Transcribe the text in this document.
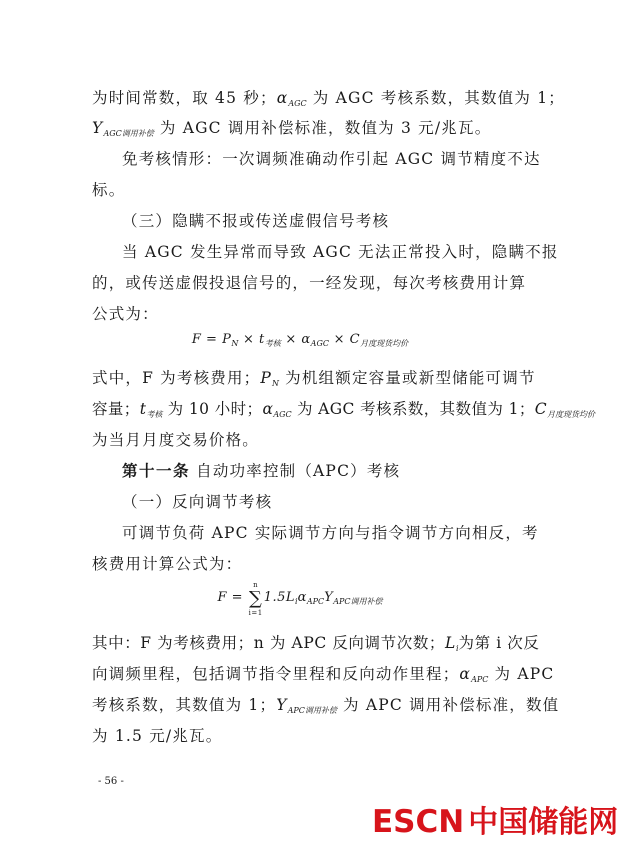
为时间常数，取 45 秒；$\alpha_{AGC}$ 为 AGC 考核系数，其数值为 1；
$Y_{AGC调用补偿}$ 为 AGC 调用补偿标准，数值为 3 元/兆瓦。
免考核情形：一次调频准确动作引起 AGC 调节精度不达
标。
（三）隐瞒不报或传送虚假信号考核
当 AGC 发生异常而导致 AGC 无法正常投入时，隐瞒不报
的，或传送虚假投退信号的，一经发现，每次考核费用计算
公式为：
$F = P_N \times t_{考核} \times \alpha_{AGC} \times C_{月度现货均价}$
式中，F 为考核费用；$P_N$ 为机组额定容量或新型储能可调节
容量；$t_{考核}$ 为 10 小时；$\alpha_{AGC}$ 为 AGC 考核系数，其数值为 1；$C_{月度现货均价}$
为当月月度交易价格。
第十一条 自动功率控制（APC）考核
（一）反向调节考核
可调节负荷 APC 实际调节方向与指令调节方向相反，考
核费用计算公式为：
F =
n
∑
i=1
$1.5L_i\alpha_{APC}Y_{APC调用补偿}$
其中：F 为考核费用；n 为 APC 反向调节次数；$L_i$为第 i 次反
向调频里程，包括调节指令里程和反向动作里程；$\alpha_{APC}$ 为 APC
考核系数，其数值为 1；$Y_{APC调用补偿}$ 为 APC 调用补偿标准，数值
为 1.5 元/兆瓦。
- 56 -
ESCN 中国储能网
